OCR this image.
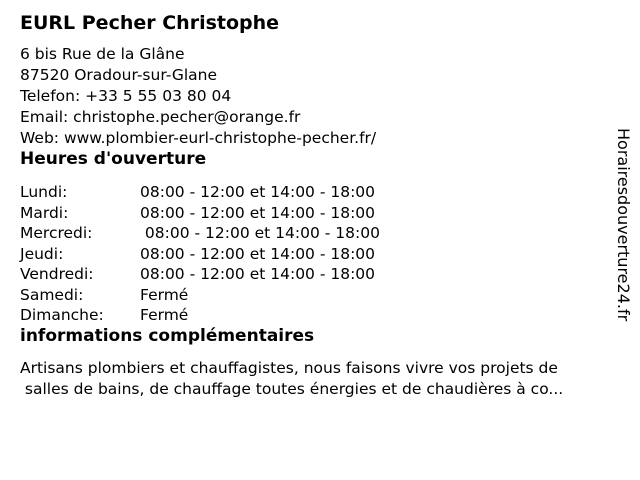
EURL Pecher Christophe
6 bis Rue de la Glâne
87520 Oradour-sur-Glane
Telefon: +33 5 55 03 80 04
Email: christophe.pecher@orange.fr
Web: www.plombier-eurl-christophe-pecher.fr/
Heures d'ouverture
Lundi:	08:00 - 12:00 et 14:00 - 18:00
Mardi:	08:00 - 12:00 et 14:00 - 18:00
Mercredi:	08:00 - 12:00 et 14:00 - 18:00
Jeudi:	08:00 - 12:00 et 14:00 - 18:00
Vendredi:	08:00 - 12:00 et 14:00 - 18:00
Samedi:	Fermé
Dimanche:	Fermé
informations complémentaires

Artisans plombiers et chauffagistes, nous faisons vivre vos projets de
salles de bains, de chauffage toutes énergies et de chaudières à co...

Horairesdouverture24.fr
